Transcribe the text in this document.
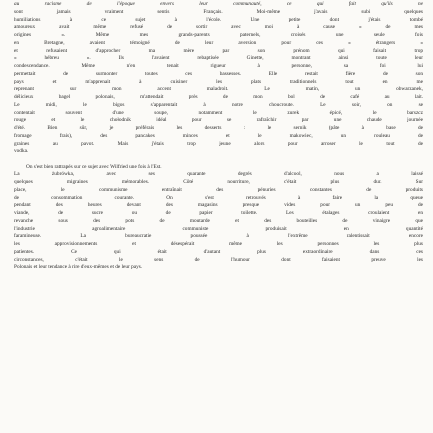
au racisme de l'époque envers leur communauté, ce qui fait qu'ils ne
sont jamais vraiment sentis Français. Moi-même j'avais subi quelques
humiliations à ce sujet à l'école. Une petite dont j'étais tombé
amoureux avait même refusé de sortir avec moi à cause « de mes
origines ». Même mes grands-parents paternels, croisés une seule fois
en Bretagne, avaient témoigné de leur aversion pour ces « étrangers »
et refusaient d'approcher ma mère par son prénom qui faisait trop
« hébreu ». Ils l'avaient rebaptisée Ginette, montrant ainsi toute leur
condescendance. Même n'en tenait rigueur à personne, sa foi lui
permettait de surmonter toutes ces bassesses. Elle restait fière de son
pays et m'apprenait à cuisiner les plats traditionnels tout en me
reprenant sur mon accent maladroit. Le matin, un obwarzanek,
délicieux bagel polonais, m'attendait près de mon bol de café au lait.
Le midi, le bigos s'apparentait à notre choucroute. Le soir, on se
contentait souvent d'une soupe, notamment le zurek épicé, le barszcz
rouge et le chołodnik idéal pour se rafraîchir par une chaude journée
d'été. Bien sûr, je préférais les desserts : le sernik (pâte à base de
fromage frais), des pancakes minces et le makowiec, un rouleau de
graines au pavot. Mais j'étais trop jeune alors pour arroser le tout de
vodka.
On s'est bien rattrapés sur ce sujet avec Wilfried une fois à l'Est.
La żubrówka, avec ses quarante degrés d'alcool, nous a laissé
quelques migraines mémorables. Côté nourriture, c'était plus dur. Sur
place, le communisme entraînait des pénuries constantes de produits
de consommation courante. On s'est retrouvés à faire la queue
pendant des heures devant des magasins presque vides pour un peu de
viande, de sucre ou de papier toilette. Les étalages croulaient en
revanche sous des pots de moutarde et des bouteilles de vinaigre que
l'industrie agroalimentaire communiste produisait en quantité
faramineuse. La bureaucratie poussée à l'extrême ralentissait encore
les approvisionnements et désespérait même les personnes les plus
patientes. Ce qui était d'autant plus extraordinaire dans ces
circonstances, c'était le sens de l'humour dont faisaient preuve les
Polonais et leur tendance à rire d'eux-mêmes et de leur pays.
